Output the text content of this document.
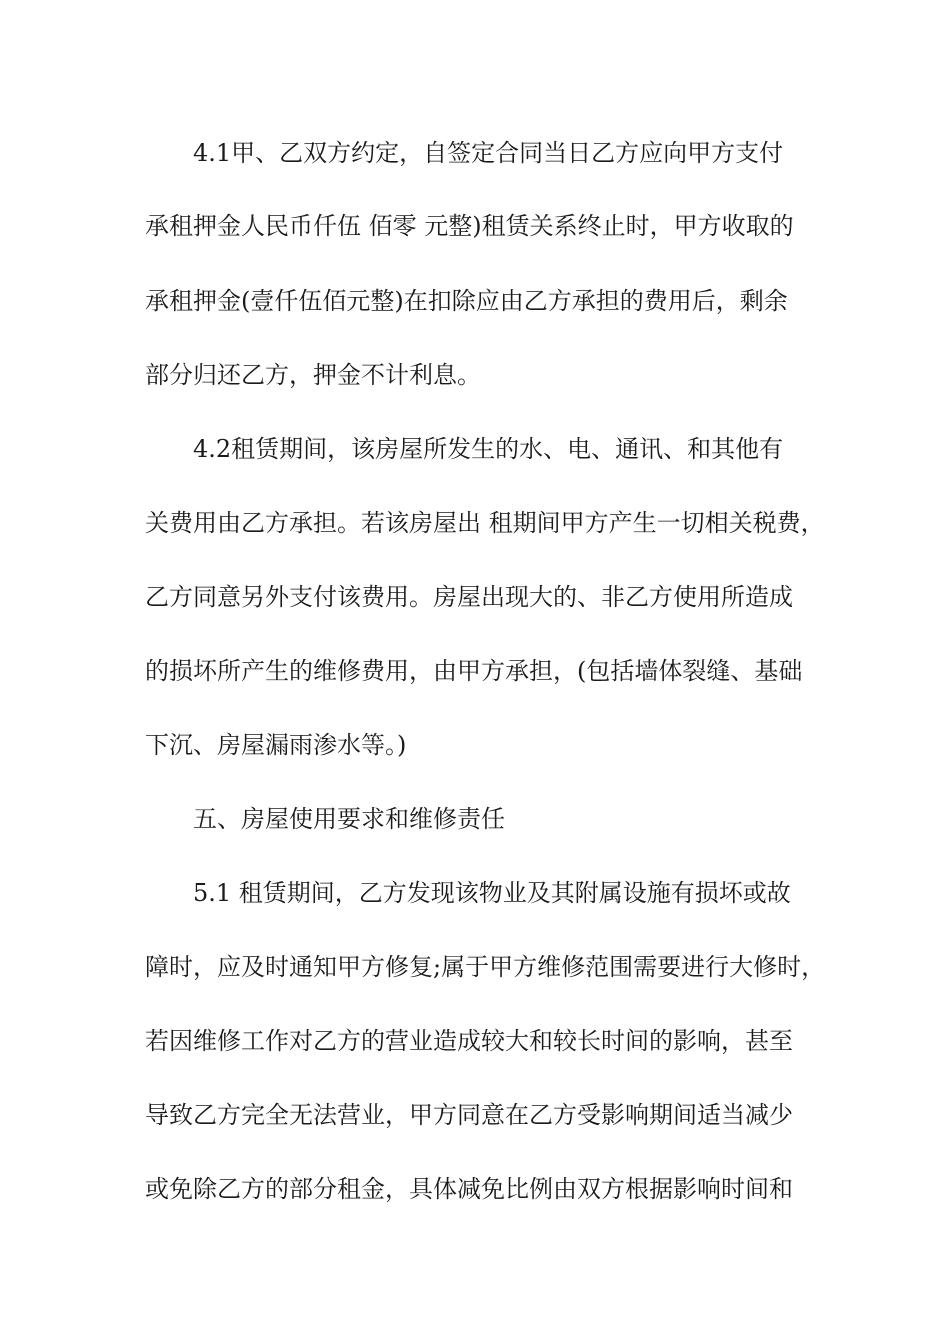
4.1甲、乙双方约定，自签定合同当日乙方应向甲方支付
承租押金人民币仟伍 佰零 元整)租赁关系终止时，甲方收取的
承租押金(壹仟伍佰元整)在扣除应由乙方承担的费用后，剩余
部分归还乙方，押金不计利息。
4.2租赁期间，该房屋所发生的水、电、通讯、和其他有
关费用由乙方承担。若该房屋出 租期间甲方产生一切相关税费，
乙方同意另外支付该费用。房屋出现大的、非乙方使用所造成
的损坏所产生的维修费用，由甲方承担，(包括墙体裂缝、基础
下沉、房屋漏雨渗水等。)
五、房屋使用要求和维修责任
5.1 租赁期间，乙方发现该物业及其附属设施有损坏或故
障时，应及时通知甲方修复;属于甲方维修范围需要进行大修时，
若因维修工作对乙方的营业造成较大和较长时间的影响，甚至
导致乙方完全无法营业，甲方同意在乙方受影响期间适当减少
或免除乙方的部分租金，具体减免比例由双方根据影响时间和
